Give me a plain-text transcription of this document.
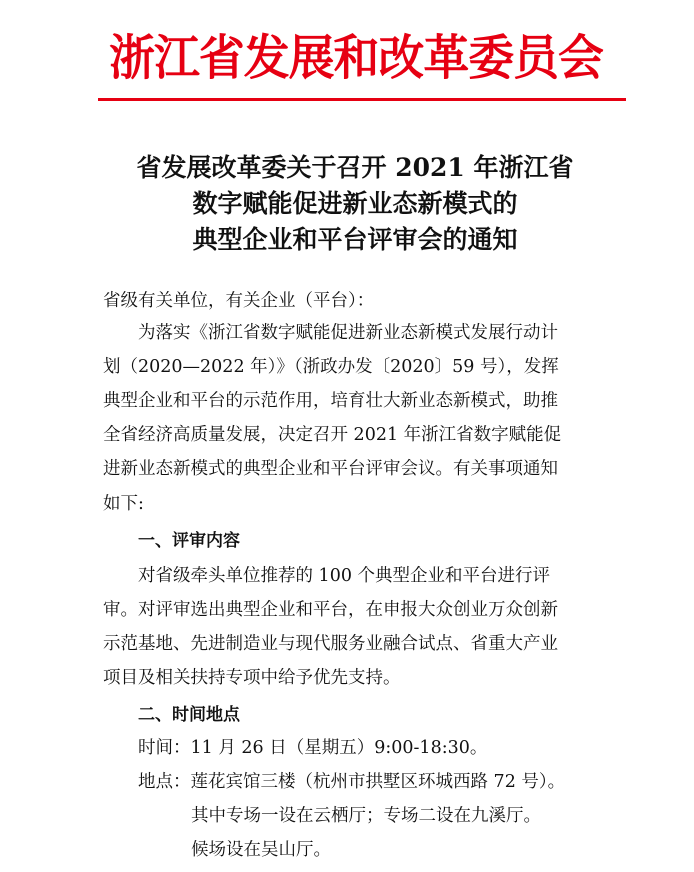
浙江省发展和改革委员会
省发展改革委关于召开 2021 年浙江省
数字赋能促进新业态新模式的
典型企业和平台评审会的通知
省级有关单位，有关企业（平台）：
为落实《浙江省数字赋能促进新业态新模式发展行动计
划（2020—2022 年）》（浙政办发〔2020〕59 号），发挥
典型企业和平台的示范作用，培育壮大新业态新模式，助推
全省经济高质量发展，决定召开 2021 年浙江省数字赋能促
进新业态新模式的典型企业和平台评审会议。有关事项通知
如下:
一、评审内容
对省级牵头单位推荐的 100 个典型企业和平台进行评
审。对评审选出典型企业和平台，在申报大众创业万众创新
示范基地、先进制造业与现代服务业融合试点、省重大产业
项目及相关扶持专项中给予优先支持。
二、时间地点
时间：11 月 26 日（星期五）9:00-18:30。
地点：莲花宾馆三楼（杭州市拱墅区环城西路 72 号）。
其中专场一设在云栖厅；专场二设在九溪厅。
候场设在吴山厅。
